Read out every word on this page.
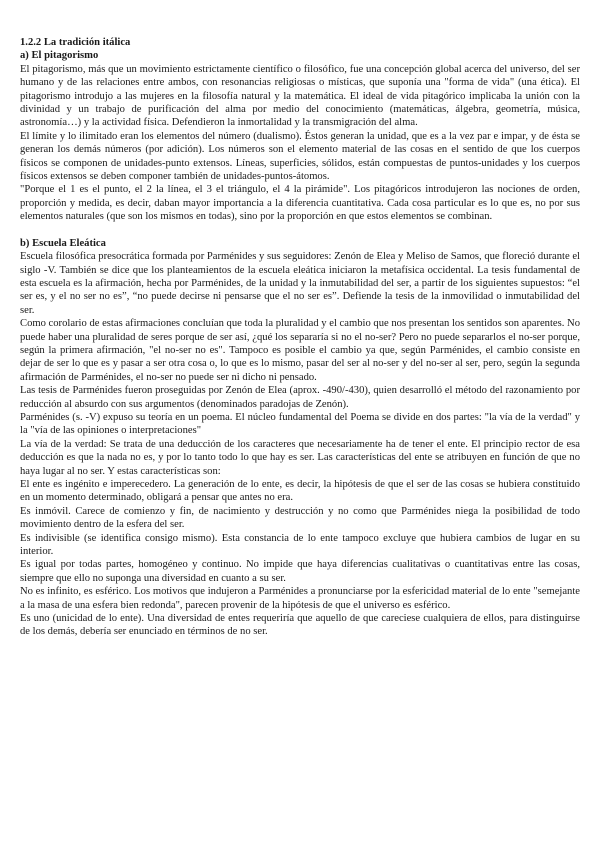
1.2.2 La tradición itálica
a) El pitagorismo

El pitagorismo, más que un movimiento estrictamente científico o filosófico, fue una concepción global acerca del universo, del ser humano y de las relaciones entre ambos, con resonancias religiosas o místicas, que suponía una "forma de vida" (una ética). El pitagorismo introdujo a las mujeres en la filosofía natural y la matemática. El ideal de vida pitagórico implicaba la unión con la divinidad y un trabajo de purificación del alma por medio del conocimiento (matemáticas, álgebra, geometría, música, astronomía…) y la actividad física. Defendieron la inmortalidad y la transmigración del alma.

El límite y lo ilimitado eran los elementos del número (dualismo). Éstos generan la unidad, que es a la vez par e impar, y de ésta se generan los demás números (por adición). Los números son el elemento material de las cosas en el sentido de que los cuerpos físicos se componen de unidades-punto extensos. Líneas, superficies, sólidos, están compuestas de puntos-unidades y los cuerpos físicos extensos se deben componer también de unidades-puntos-átomos.

"Porque el 1 es el punto, el 2 la línea, el 3 el triángulo, el 4 la pirámide". Los pitagóricos introdujeron las nociones de orden, proporción y medida, es decir, daban mayor importancia a la diferencia cuantitativa. Cada cosa particular es lo que es, no por sus elementos naturales (que son los mismos en todas), sino por la proporción en que estos elementos se combinan.

b) Escuela Eleática

Escuela filosófica presocrática formada por Parménides y sus seguidores: Zenón de Elea y Meliso de Samos, que floreció durante el siglo -V. También se dice que los planteamientos de la escuela eleática iniciaron la metafísica occidental. La tesis fundamental de esta escuela es la afirmación, hecha por Parménides, de la unidad y la inmutabilidad del ser, a partir de los siguientes supuestos: “el ser es, y el no ser no es”, “no puede decirse ni pensarse que el no ser es”. Defiende la tesis de la inmovilidad o inmutabilidad del ser.

Como corolario de estas afirmaciones concluían que toda la pluralidad y el cambio que nos presentan los sentidos son aparentes. No puede haber una pluralidad de seres porque de ser así, ¿qué los separaría si no el no-ser? Pero no puede separarlos el no-ser porque, según la primera afirmación, "el no-ser no es". Tampoco es posible el cambio ya que, según Parménides, el cambio consiste en dejar de ser lo que es y pasar a ser otra cosa o, lo que es lo mismo, pasar del ser al no-ser y del no-ser al ser, pero, según la segunda afirmación de Parménides, el no-ser no puede ser ni dicho ni pensado.

Las tesis de Parménides fueron proseguidas por Zenón de Elea (aprox. -490/-430), quien desarrolló el método del razonamiento por reducción al absurdo con sus argumentos (denominados paradojas de Zenón).

Parménides (s. -V) expuso su teoría en un poema. El núcleo fundamental del Poema se divide en dos partes: "la vía de la verdad" y la "vía de las opiniones o interpretaciones"

La vía de la verdad: Se trata de una deducción de los caracteres que necesariamente ha de tener el ente. El principio rector de esa deducción es que la nada no es, y por lo tanto todo lo que hay es ser. Las características del ente se atribuyen en función de que no haya lugar al no ser. Y estas características son:

El ente es ingénito e imperecedero. La generación de lo ente, es decir, la hipótesis de que el ser de las cosas se hubiera constituido en un momento determinado, obligará a pensar que antes no era.

Es inmóvil. Carece de comienzo y fin, de nacimiento y destrucción y no como que Parménides niega la posibilidad de todo movimiento dentro de la esfera del ser.

Es indivisible (se identifica consigo mismo). Esta constancia de lo ente tampoco excluye que hubiera cambios de lugar en su interior.

Es igual por todas partes, homogéneo y continuo. No impide que haya diferencias cualitativas o cuantitativas entre las cosas, siempre que ello no suponga una diversidad en cuanto a su ser.

No es infinito, es esférico. Los motivos que indujeron a Parménides a pronunciarse por la esfericidad material de lo ente "semejante a la masa de una esfera bien redonda", parecen provenir de la hipótesis de que el universo es esférico.

Es uno (unicidad de lo ente). Una diversidad de entes requeriría que aquello de que careciese cualquiera de ellos, para distinguirse de los demás, debería ser enunciado en términos de no ser.
